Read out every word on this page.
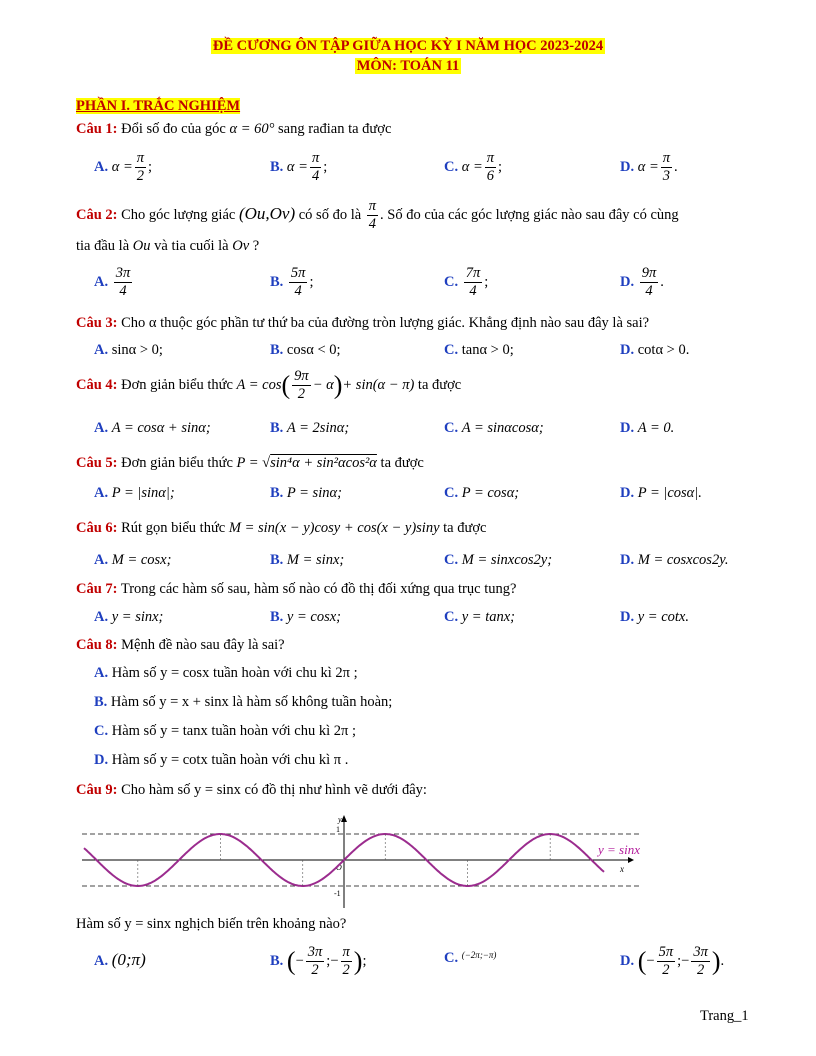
ĐỀ CƯƠNG ÔN TẬP GIỮA HỌC KỲ I NĂM HỌC 2023-2024
MÔN: TOÁN 11
PHẦN I. TRẮC NGHIỆM
Câu 1: Đổi số đo của góc α = 60° sang rađian ta được
A. $\alpha = \frac{\pi}{2}$ ;	B. $\alpha = \frac{\pi}{4}$ ;	C. $\alpha = \frac{\pi}{6}$ ;	D. $\alpha = \frac{\pi}{3}$ .
Câu 2: Cho góc lượng giác (Ou,Ov) có số đo là $\frac{\pi}{4}$ . Số đo của các góc lượng giác nào sau đây có cùng
tia đầu là Ou và tia cuối là Ov ?
A. $\frac{3\pi}{4}$	B. $\frac{5\pi}{4}$ ;	C. $\frac{7\pi}{4}$ ;	D. $\frac{9\pi}{4}$ .
Câu 3: Cho α thuộc góc phần tư thứ ba của đường tròn lượng giác. Khẳng định nào sau đây là sai?
A. sinα > 0;	B. cosα < 0;	C. tanα > 0;	D. cotα > 0.
Câu 4: Đơn giản biểu thức $A = \cos( \frac{9\pi}{2} - \alpha)+ \sin(\alpha - \pi)$ ta được
A. A = cosα + sinα;	B. A = 2sinα;	C. A = sinαcosα;	D. A = 0.
Câu 5: Đơn giản biểu thức P = √sin⁴α + sin²αcos²α ta được
A. P = |sinα|;	B. P = sinα;	C. P = cosα;	D. P = |cosα|.
Câu 6: Rút gọn biểu thức M = sin(x − y)cosy + cos(x − y)siny ta được
A. M = cosx;	B. M = sinx;	C. M = sinxcos2y;	D. M = cosxcos2y.
Câu 7: Trong các hàm số sau, hàm số nào có đồ thị đối xứng qua trục tung?
A. y = sinx;	B. y = cosx;	C. y = tanx;	D. y = cotx.
Câu 8: Mệnh đề nào sau đây là sai?
A. Hàm số y = cosx tuần hoàn với chu kì 2π ;
B. Hàm số y = x + sinx là hàm số không tuần hoàn;
C. Hàm số y = tanx tuần hoàn với chu kì 2π ;
D. Hàm số y = cotx tuần hoàn với chu kì π .
Câu 9: Cho hàm số y = sinx có đồ thị như hình vẽ dưới đây:
y
x
O
1
-1
y = sinx
Hàm số y = sinx nghịch biến trên khoảng nào?
A. (0;π)	B. (− $\frac{3\pi}{2}$ ;− $\frac{\pi}{2}$ );	C. $^{(-2\pi;-\pi)}$	D. (− $\frac{5\pi}{2}$ ;− $\frac{3\pi}{2}$ ).
Trang_1
